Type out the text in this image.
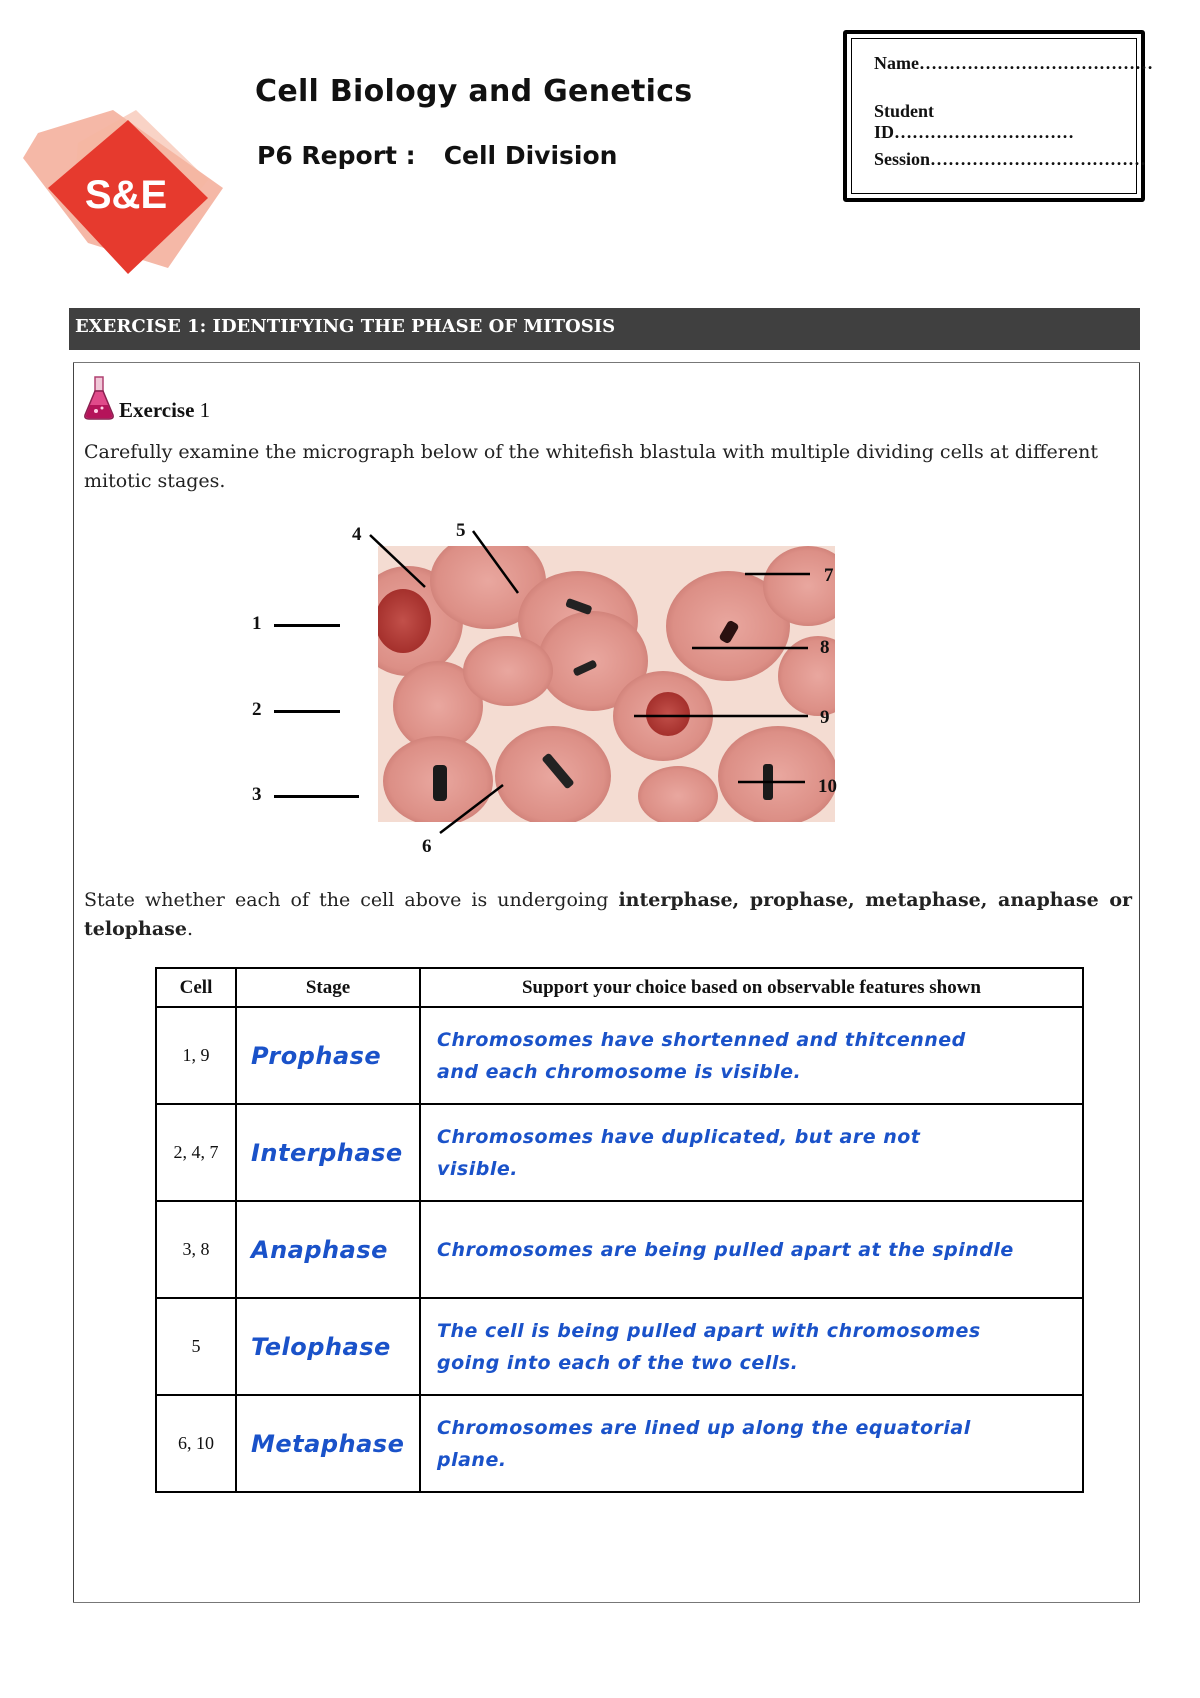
S&E
Cell Biology and Genetics
P6 Report : Cell Division
Name…………………………………
Student ID…………………………
Session………………………………
EXERCISE 1: IDENTIFYING THE PHASE OF MITOSIS
Exercise 1
Carefully examine the micrograph below of the whitefish blastula with multiple dividing cells at different mitotic stages.
1
2
3
4	5
6
7
8
9
10
State whether each of the cell above is undergoing interphase, prophase, metaphase, anaphase or telophase.
Cell	Stage	Support your choice based on observable features shown
1, 9	Prophase	Chromosomes have shortenned and thitcenned
and each chromosome is visible.

2, 4, 7	Interphase	Chromosomes have duplicated, but are not
visible.

3, 8	Anaphase	Chromosomes are being pulled apart at the spindle

5	Telophase	The cell is being pulled apart with chromosomes
going into each of the two cells.

6, 10	Metaphase	Chromosomes are lined up along the equatorial
plane.
